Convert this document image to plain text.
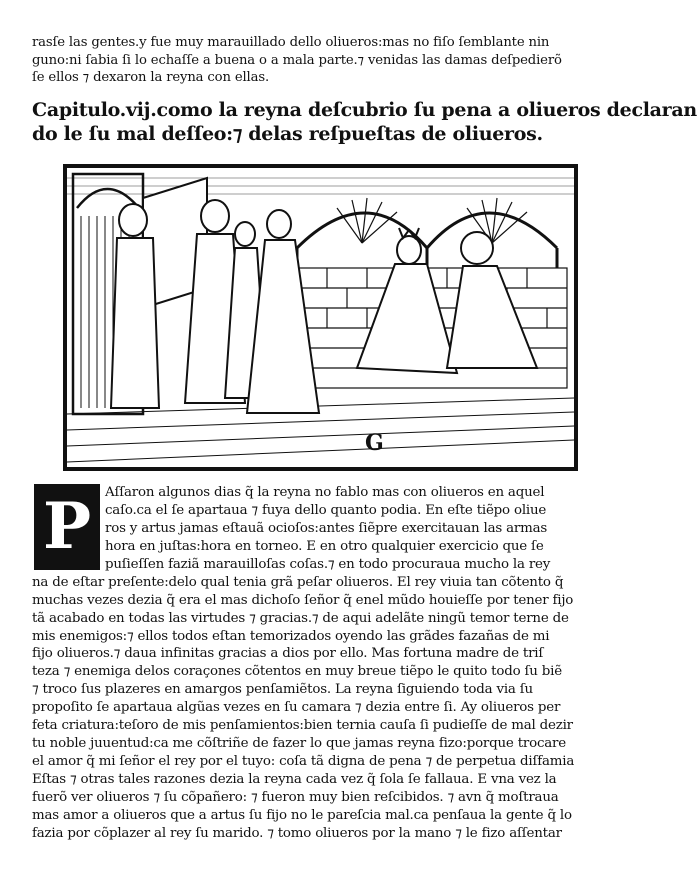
rasſe las gentes.y fue muy marauillado dello oliueros:mas no fiſo ſemblante nin
guno:ni ſabia ſi lo echaſſe a buena o a mala parte.⁊ venidas las damas deſpedierõ
ſe ellos ⁊ dexaron la reyna con ellas.
Capitulo.vij.como la reyna deſcubrio ſu pena a oliueros declaran
do le ſu mal deſſeo:⁊ delas reſpueſtas de oliueros.
G
P	Aſſaron algunos dias q̃ la reyna no fablo mas con oliueros en aquel
caſo.ca el ſe apartaua ⁊ fuya dello quanto podia. En eſte tiẽpo oliue
ros y artus jamas eſtauã ocioſos:antes ſiẽpre exercitauan las armas
hora en juſtas:hora en torneo. E en otro qualquier exercicio que ſe
puſieſſen faziã marauilloſas coſas.⁊ en todo procuraua mucho la rey
na de eſtar preſente:delo qual tenia grã peſar oliueros. El rey viuia tan cõtento q̃
muchas vezes dezia q̃ era el mas dichoſo ſeñor q̃ enel mũdo houieſſe por tener fijo
tã acabado en todas las virtudes ⁊ gracias.⁊ de aqui adelãte ningũ temor terne de
mis enemigos:⁊ ellos todos eſtan temorizados oyendo las grãdes fazañas de mi
fijo oliueros.⁊ daua infinitas gracias a dios por ello. Mas fortuna madre de triſ
teza ⁊ enemiga delos coraçones cõtentos en muy breue tiẽpo le quito todo ſu biẽ
⁊ troco ſus plazeres en amargos penſamiẽtos. La reyna ſiguiendo toda via ſu
propoſito ſe apartaua algũas vezes en ſu camara ⁊ dezia entre ſi. Ay oliueros per
feta criatura:teſoro de mis penſamientos:bien ternia cauſa ſi pudieſſe de mal dezir
tu noble juuentud:ca me cõſtriñe de fazer lo que jamas reyna fizo:porque trocare
el amor q̃ mi ſeñor el rey por el tuyo: coſa tã digna de pena ⁊ de perpetua diſfamia
Eſtas ⁊ otras tales razones dezia la reyna cada vez q̃ ſola ſe fallaua. E vna vez la
fuerõ ver oliueros ⁊ ſu cõpañero: ⁊ fueron muy bien reſcibidos. ⁊ avn q̃ moſtraua
mas amor a oliueros que a artus ſu fijo no le pareſcia mal.ca penſaua la gente q̃ lo
fazia por cõplazer al rey ſu marido. ⁊ tomo oliueros por la mano ⁊ le fizo aſſentar
